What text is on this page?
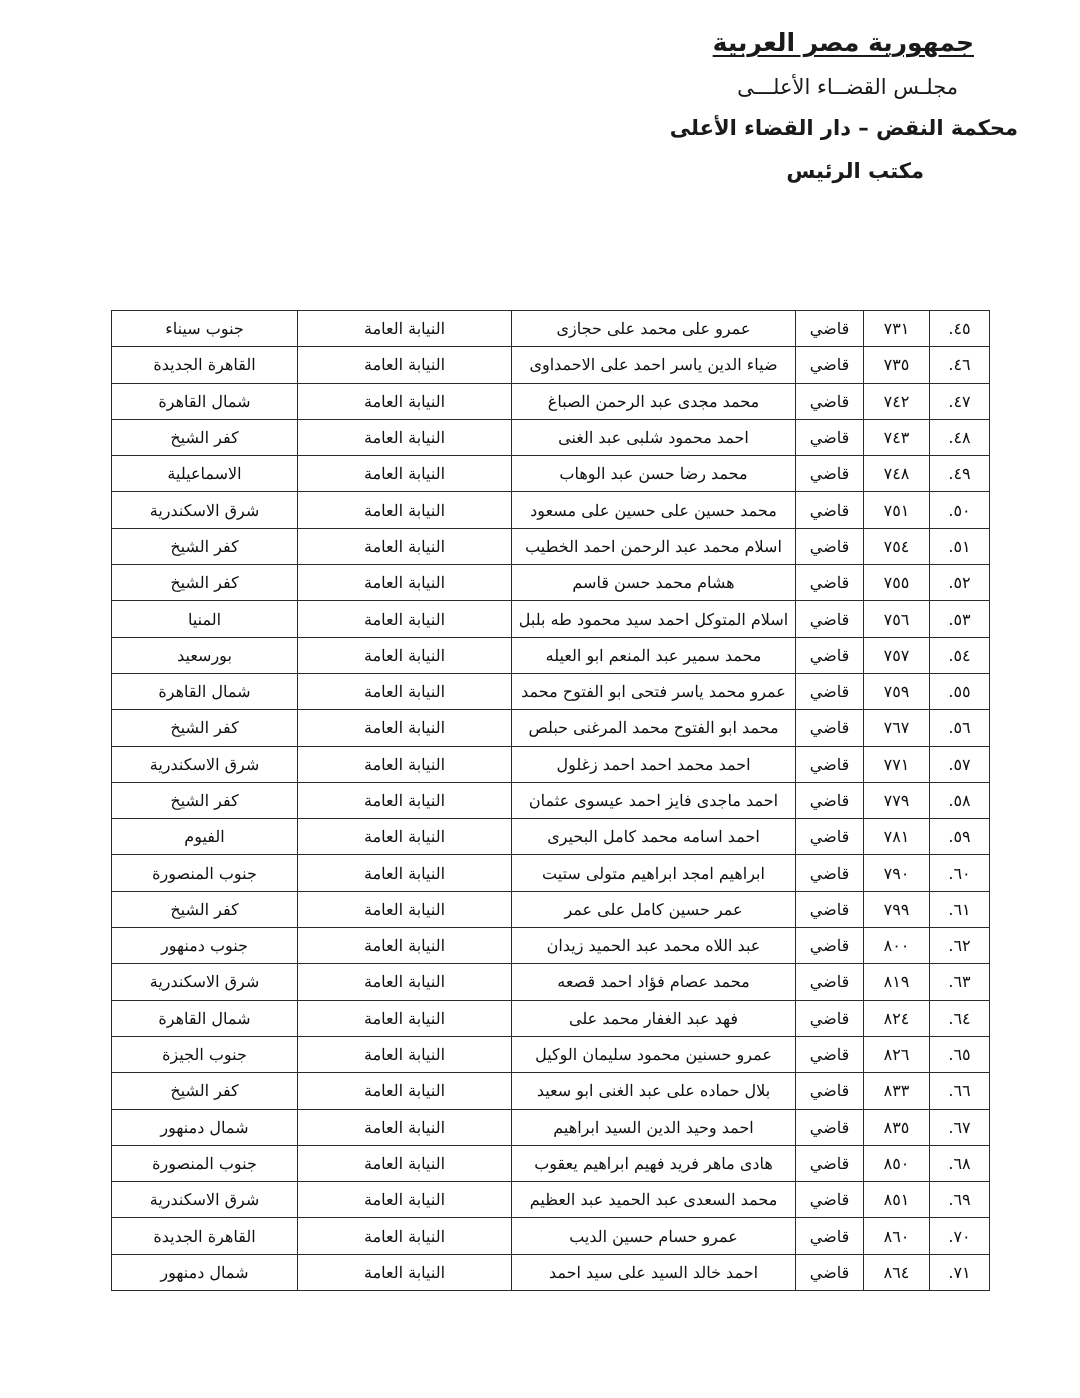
جمهورية مصر العربية
مجلـس القضــاء الأعلـــى
محكمة النقض – دار القضاء الأعلى
مكتب الرئيس
٤٥.	٧٣١	قاضي	عمرو على محمد على حجازى	النيابة العامة	جنوب سيناء
٤٦.	٧٣٥	قاضي	ضياء الدين ياسر احمد على الاحمداوى	النيابة العامة	القاهرة الجديدة
٤٧.	٧٤٢	قاضي	محمد مجدى عبد الرحمن الصباغ	النيابة العامة	شمال القاهرة
٤٨.	٧٤٣	قاضي	احمد محمود شلبى عبد الغنى	النيابة العامة	كفر الشيخ
٤٩.	٧٤٨	قاضي	محمد رضا حسن عبد الوهاب	النيابة العامة	الاسماعيلية
٥٠.	٧٥١	قاضي	محمد حسين على حسين على مسعود	النيابة العامة	شرق الاسكندرية
٥١.	٧٥٤	قاضي	اسلام محمد عبد الرحمن احمد الخطيب	النيابة العامة	كفر الشيخ
٥٢.	٧٥٥	قاضي	هشام محمد حسن قاسم	النيابة العامة	كفر الشيخ
٥٣.	٧٥٦	قاضي	اسلام المتوكل احمد سيد محمود طه بلبل	النيابة العامة	المنيا
٥٤.	٧٥٧	قاضي	محمد سمير عبد المنعم ابو العيله	النيابة العامة	بورسعيد
٥٥.	٧٥٩	قاضي	عمرو محمد ياسر فتحى ابو الفتوح محمد	النيابة العامة	شمال القاهرة
٥٦.	٧٦٧	قاضي	محمد ابو الفتوح محمد المرغنى حبلص	النيابة العامة	كفر الشيخ
٥٧.	٧٧١	قاضي	احمد محمد احمد احمد زغلول	النيابة العامة	شرق الاسكندرية
٥٨.	٧٧٩	قاضي	احمد ماجدى فايز احمد عيسوى عثمان	النيابة العامة	كفر الشيخ
٥٩.	٧٨١	قاضي	احمد اسامه محمد كامل البحيرى	النيابة العامة	الفيوم
٦٠.	٧٩٠	قاضي	ابراهيم امجد ابراهيم متولى ستيت	النيابة العامة	جنوب المنصورة
٦١.	٧٩٩	قاضي	عمر حسين كامل على عمر	النيابة العامة	كفر الشيخ
٦٢.	٨٠٠	قاضي	عبد اللاه محمد عبد الحميد زيدان	النيابة العامة	جنوب دمنهور
٦٣.	٨١٩	قاضي	محمد عصام فؤاد احمد قصعه	النيابة العامة	شرق الاسكندرية
٦٤.	٨٢٤	قاضي	فهد عبد الغفار محمد على	النيابة العامة	شمال القاهرة
٦٥.	٨٢٦	قاضي	عمرو حسنين محمود سليمان الوكيل	النيابة العامة	جنوب الجيزة
٦٦.	٨٣٣	قاضي	بلال حماده على عبد الغنى ابو سعيد	النيابة العامة	كفر الشيخ
٦٧.	٨٣٥	قاضي	احمد وحيد الدين السيد ابراهيم	النيابة العامة	شمال دمنهور
٦٨.	٨٥٠	قاضي	هادى ماهر فريد فهيم ابراهيم يعقوب	النيابة العامة	جنوب المنصورة
٦٩.	٨٥١	قاضي	محمد السعدى عبد الحميد عبد العظيم	النيابة العامة	شرق الاسكندرية
٧٠.	٨٦٠	قاضي	عمرو حسام حسين الديب	النيابة العامة	القاهرة الجديدة
٧١.	٨٦٤	قاضي	احمد خالد السيد على سيد احمد	النيابة العامة	شمال دمنهور
